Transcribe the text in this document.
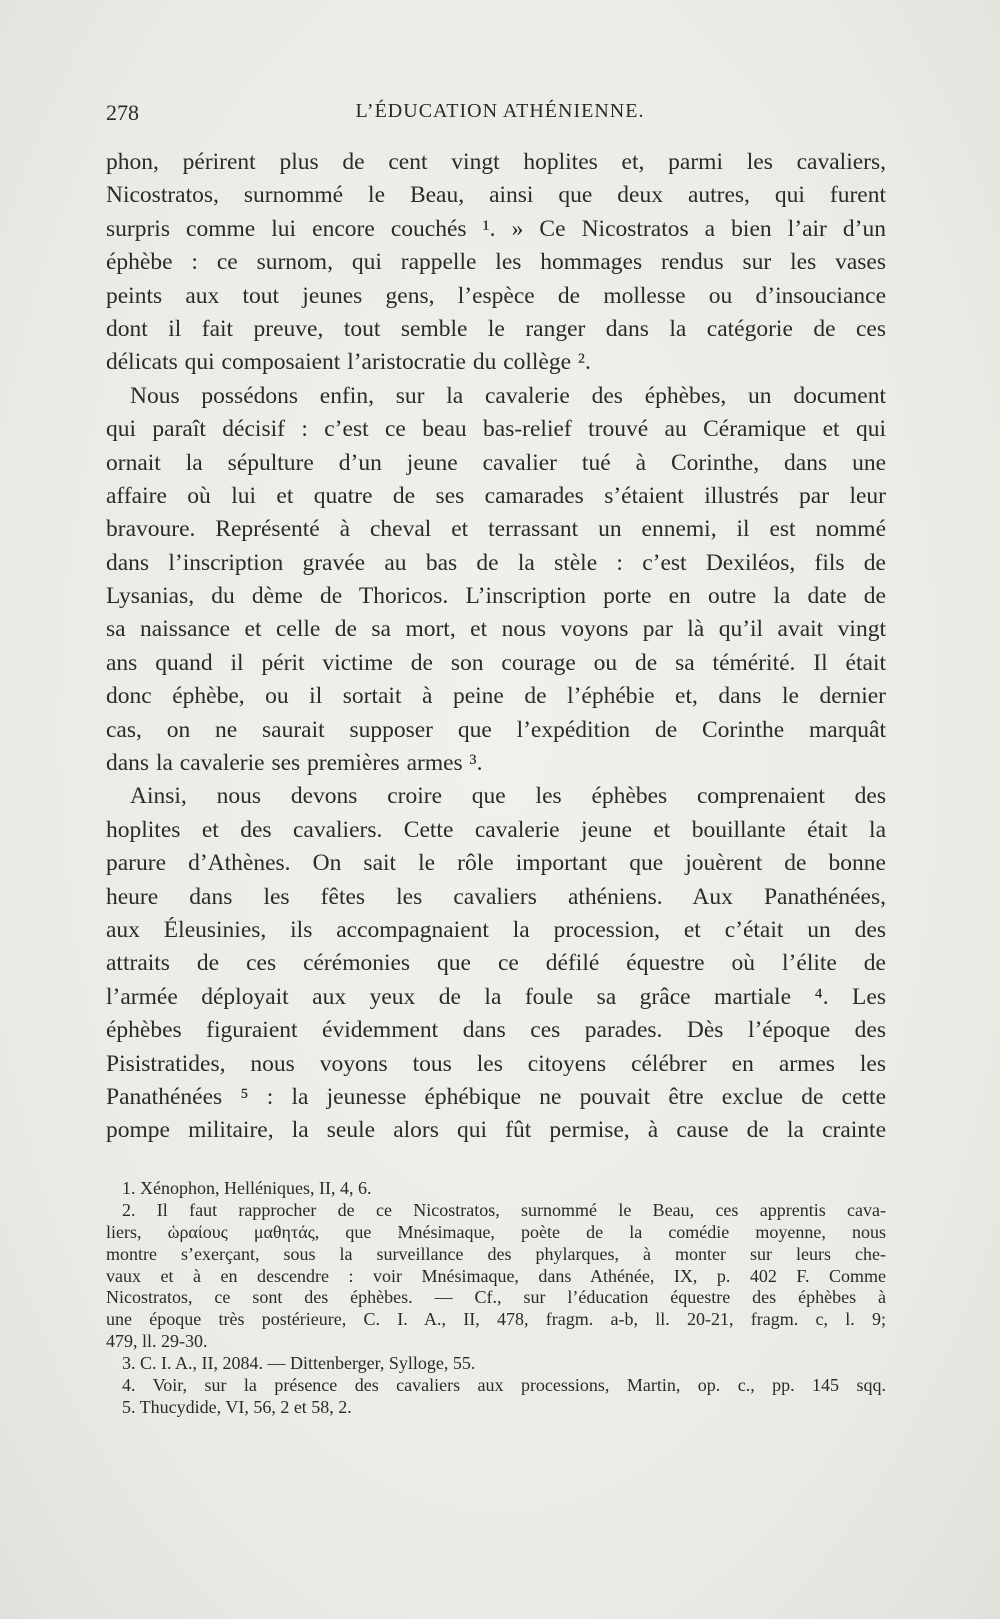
278	L’ÉDUCATION ATHÉNIENNE.
phon, périrent plus de cent vingt hoplites et, parmi les cavaliers,
Nicostratos, surnommé le Beau, ainsi que deux autres, qui furent
surpris comme lui encore couchés ¹. » Ce Nicostratos a bien l’air d’un
éphèbe : ce surnom, qui rappelle les hommages rendus sur les vases
peints aux tout jeunes gens, l’espèce de mollesse ou d’insouciance
dont il fait preuve, tout semble le ranger dans la catégorie de ces
délicats qui composaient l’aristocratie du collège ².
Nous possédons enfin, sur la cavalerie des éphèbes, un document
qui paraît décisif : c’est ce beau bas-relief trouvé au Céramique et qui
ornait la sépulture d’un jeune cavalier tué à Corinthe, dans une
affaire où lui et quatre de ses camarades s’étaient illustrés par leur
bravoure. Représenté à cheval et terrassant un ennemi, il est nommé
dans l’inscription gravée au bas de la stèle : c’est Dexiléos, fils de
Lysanias, du dème de Thoricos. L’inscription porte en outre la date de
sa naissance et celle de sa mort, et nous voyons par là qu’il avait vingt
ans quand il périt victime de son courage ou de sa témérité. Il était
donc éphèbe, ou il sortait à peine de l’éphébie et, dans le dernier
cas, on ne saurait supposer que l’expédition de Corinthe marquât
dans la cavalerie ses premières armes ³.
Ainsi, nous devons croire que les éphèbes comprenaient des
hoplites et des cavaliers. Cette cavalerie jeune et bouillante était la
parure d’Athènes. On sait le rôle important que jouèrent de bonne
heure dans les fêtes les cavaliers athéniens. Aux Panathénées,
aux Éleusinies, ils accompagnaient la procession, et c’était un des
attraits de ces cérémonies que ce défilé équestre où l’élite de
l’armée déployait aux yeux de la foule sa grâce martiale ⁴. Les
éphèbes figuraient évidemment dans ces parades. Dès l’époque des
Pisistratides, nous voyons tous les citoyens célébrer en armes les
Panathénées ⁵ : la jeunesse éphébique ne pouvait être exclue de cette
pompe militaire, la seule alors qui fût permise, à cause de la crainte
1. Xénophon, Helléniques, II, 4, 6.
2. Il faut rapprocher de ce Nicostratos, surnommé le Beau, ces apprentis cava-
liers, ὡραίους μαθητάς, que Mnésimaque, poète de la comédie moyenne, nous
montre s’exerçant, sous la surveillance des phylarques, à monter sur leurs che-
vaux et à en descendre : voir Mnésimaque, dans Athénée, IX, p. 402 F. Comme
Nicostratos, ce sont des éphèbes. — Cf., sur l’éducation équestre des éphèbes à
une époque très postérieure, C. I. A., II, 478, fragm. a-b, ll. 20-21, fragm. c, l. 9;
479, ll. 29-30.
3. C. I. A., II, 2084. — Dittenberger, Sylloge, 55.
4. Voir, sur la présence des cavaliers aux processions, Martin, op. c., pp. 145 sqq.
5. Thucydide, VI, 56, 2 et 58, 2.
